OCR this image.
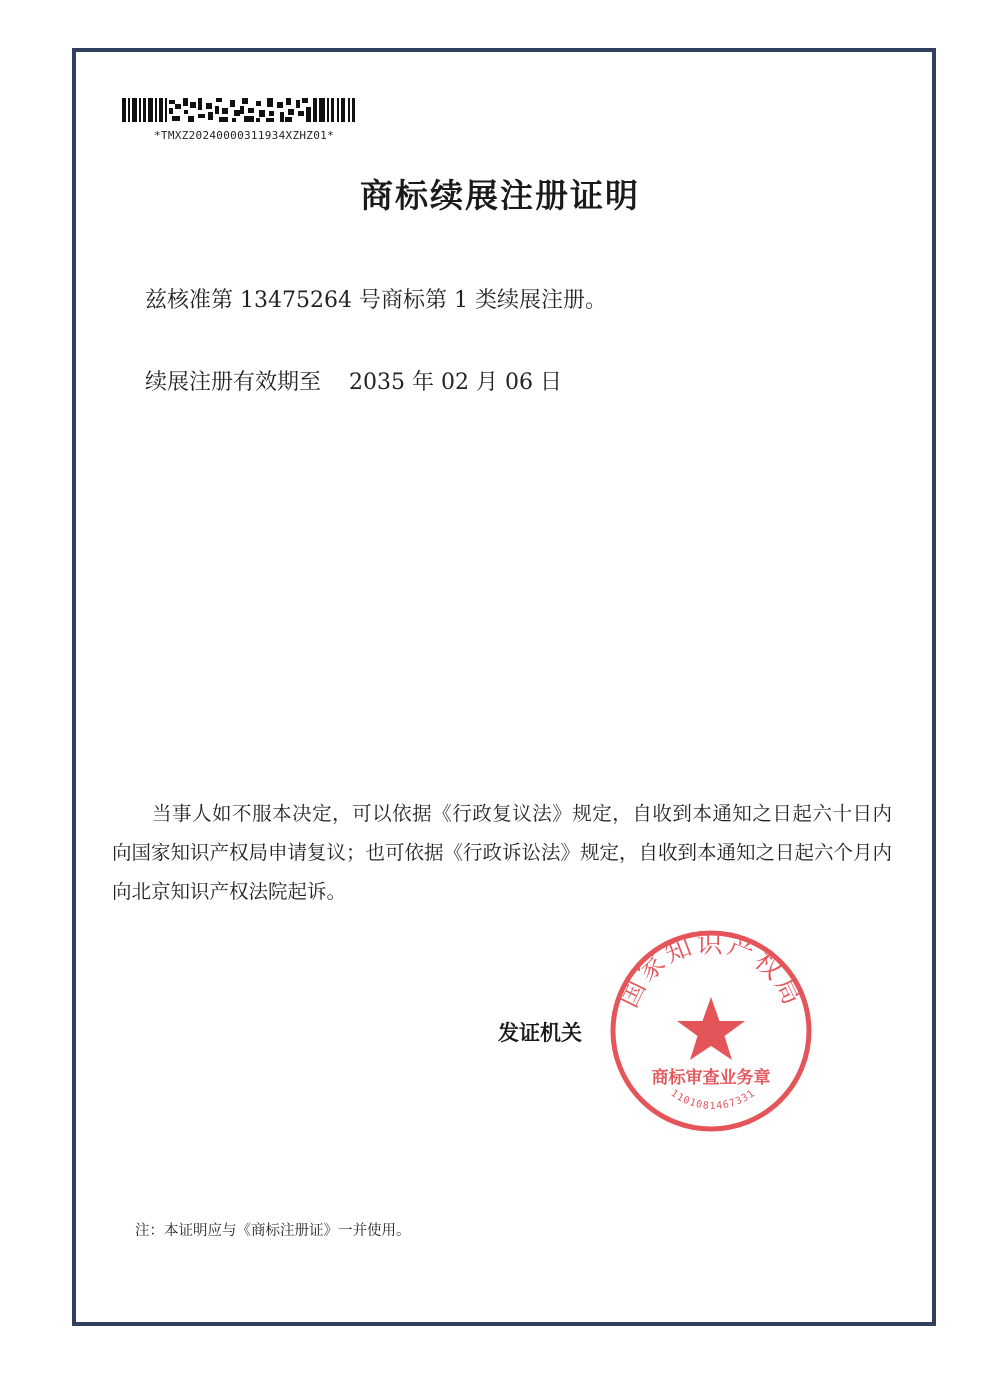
*TMXZ20240000311934XZHZ01*
商标续展注册证明
兹核准第 13475264 号商标第 1 类续展注册。
续展注册有效期至 2035 年 02 月 06 日
当事人如不服本决定，可以依据《行政复议法》规定，自收到本通知之日起六十日内向国家知识产权局申请复议；也可依据《行政诉讼法》规定，自收到本通知之日起六个月内向北京知识产权法院起诉。
发证机关
国家知识产权局
商标审查业务章
1101081467331
注：本证明应与《商标注册证》一并使用。
